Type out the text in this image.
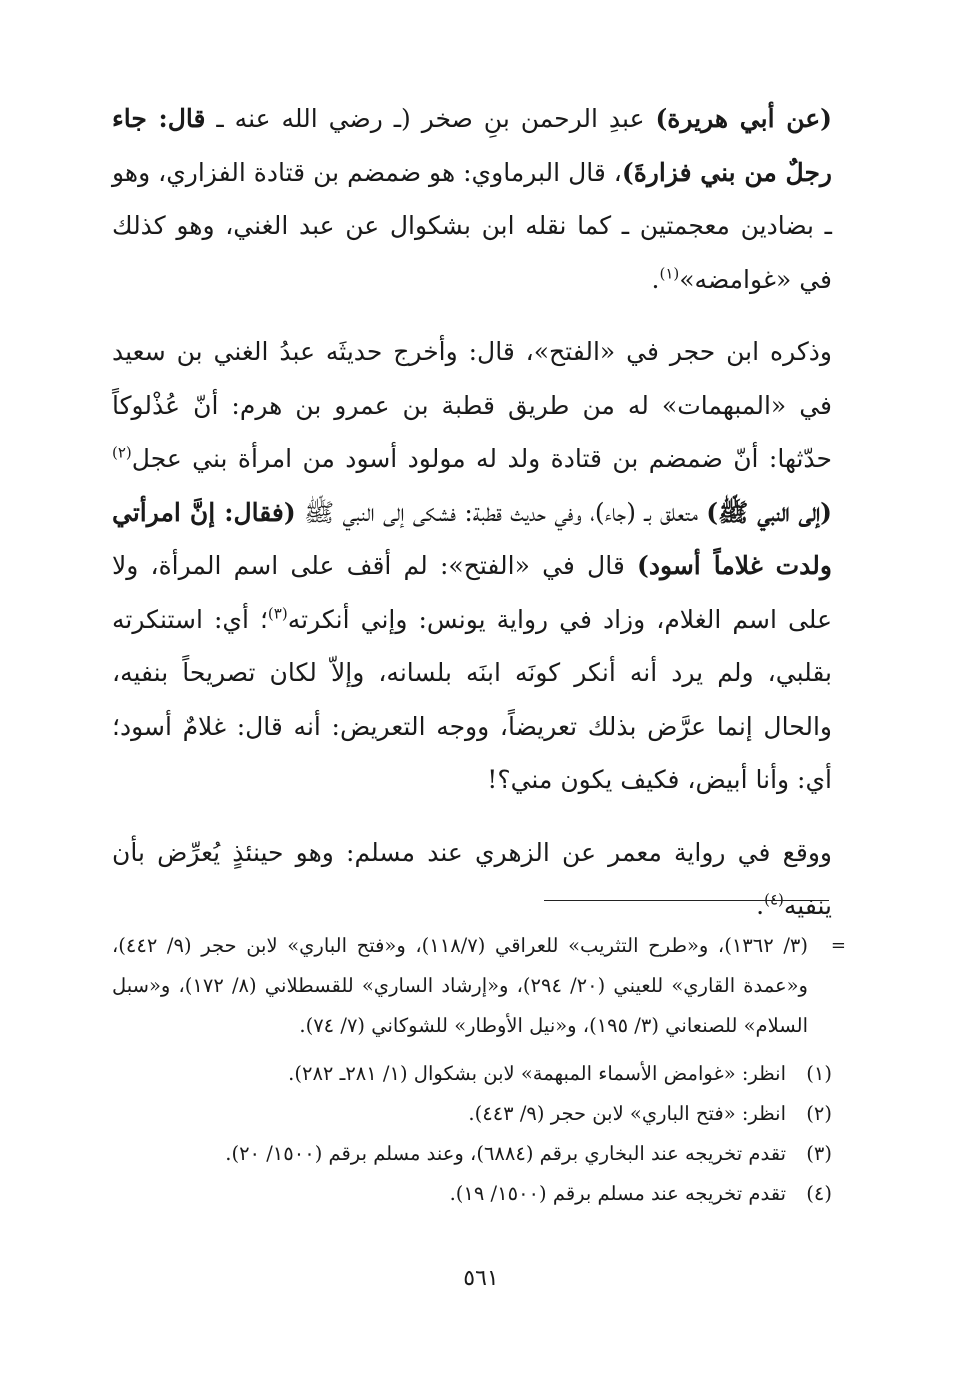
(عن أبي هريرة) عبدِ الرحمن بنِ صخر (ـ رضي الله عنه ـ قال: جاء رجلٌ من بني فزارةَ)، قال البرماوي: هو ضمضم بن قتادة الفزاري، وهو ـ بضادين معجمتين ـ كما نقله ابن بشكوال عن عبد الغني، وهو كذلك في «غوامضه»$^{(١)}$.

وذكره ابن حجر في «الفتح»، قال: وأخرج حديثَه عبدُ الغني بن سعيد في «المبهمات» له من طريق قطبة بن عمرو بن هرم: أنّ عُذْلوكاً حدّثها: أنّ ضمضم بن قتادة ولد له مولود أسود من امرأة بني عجل$^{(٢)}$ (إلى النبي ﷺ) متعلق بـ (جاء)، وفي حديث قطبة: فشكى إلى النبي ﷺ (فقال: إنَّ امرأتي ولدت غلاماً أسود) قال في «الفتح»: لم أقف على اسم المرأة، ولا على اسم الغلام، وزاد في رواية يونس: وإني أنكرته$^{(٣)}$؛ أي: استنكرته بقلبي، ولم يرد أنه أنكر كونَه ابنَه بلسانه، وإلاّ لكان تصريحاً بنفيه، والحال إنما عرَّض بذلك تعريضاً، ووجه التعريض: أنه قال: غلامٌ أسود؛ أي: وأنا أبيض، فكيف يكون مني؟!

ووقع في رواية معمر عن الزهري عند مسلم: وهو حينئذٍ يُعرِّض بأن ينفيه$^{(٤)}$.

=
(٣/ ١٣٦٢)، و«طرح التثريب» للعراقي (١١٨/٧)، و«فتح الباري» لابن حجر (٩/ ٤٤٢)، و«عمدة القاري» للعيني (٢٠/ ٢٩٤)، و«إرشاد الساري» للقسطلاني (٨/ ١٧٢)، و«سبل السلام» للصنعاني (٣/ ١٩٥)، و«نيل الأوطار» للشوكاني (٧/ ٧٤).

(١)
انظر: «غوامض الأسماء المبهمة» لابن بشكوال (١/ ٢٨١ـ ٢٨٢).
(٢)
انظر: «فتح الباري» لابن حجر (٩/ ٤٤٣).
(٣)
تقدم تخريجه عند البخاري برقم (٦٨٨٤)، وعند مسلم برقم (١٥٠٠/ ٢٠).
(٤)
تقدم تخريجه عند مسلم برقم (١٥٠٠/ ١٩).
٥٦١
